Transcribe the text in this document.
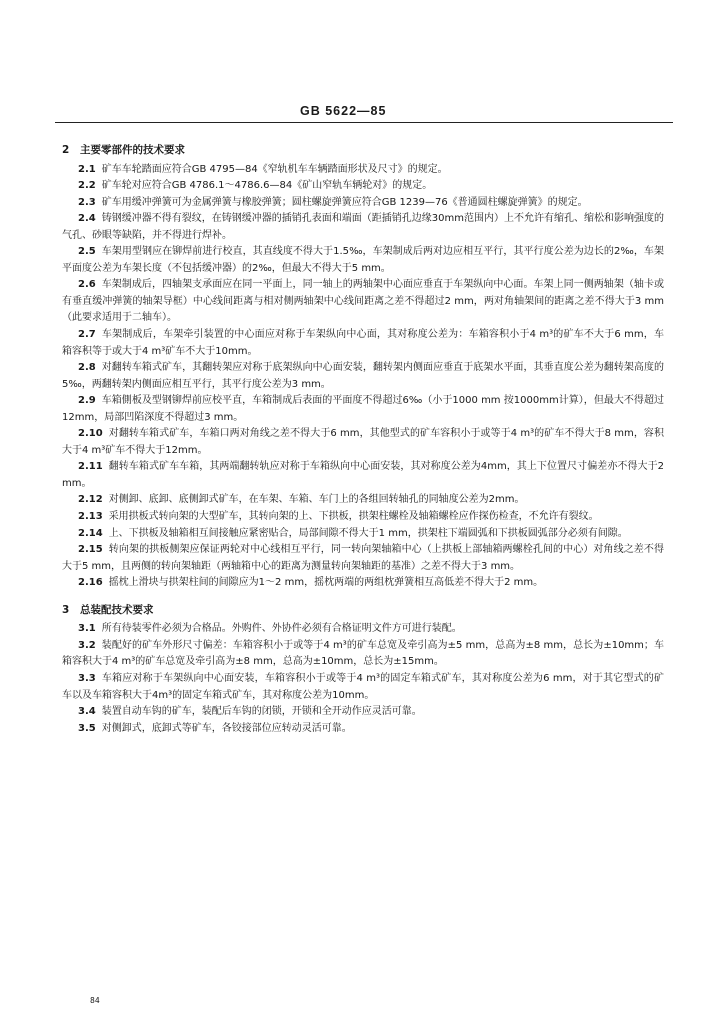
GB 5622—85
2 主要零部件的技术要求

2.1 矿车车轮踏面应符合GB 4795—84《窄轨机车车辆踏面形状及尺寸》的规定。

2.2 矿车轮对应符合GB 4786.1～4786.6—84《矿山窄轨车辆轮对》的规定。

2.3 矿车用缓冲弹簧可为金属弹簧与橡胶弹簧；圆柱螺旋弹簧应符合GB 1239—76《普通圆柱螺旋弹簧》的规定。

2.4 铸钢缓冲器不得有裂纹，在铸钢缓冲器的插销孔表面和端面（距插销孔边缘30mm范围内）上不允许有缩孔、缩松和影响强度的气孔、砂眼等缺陷，并不得进行焊补。

2.5 车架用型钢应在铆焊前进行校直，其直线度不得大于1.5‰，车架制成后两对边应相互平行，其平行度公差为边长的2‰，车架平面度公差为车架长度（不包括缓冲器）的2‰，但最大不得大于5 mm。

2.6 车架制成后，四轴架支承面应在同一平面上，同一轴上的两轴架中心面应垂直于车架纵向中心面。车架上同一侧两轴架（轴卡或有垂直缓冲弹簧的轴架导框）中心线间距离与相对侧两轴架中心线间距离之差不得超过2 mm，两对角轴架间的距离之差不得大于3 mm（此要求适用于二轴车）。

2.7 车架制成后，车架牵引装置的中心面应对称于车架纵向中心面，其对称度公差为：车箱容积小于4 m³的矿车不大于6 mm，车箱容积等于或大于4 m³矿车不大于10mm。

2.8 对翻转车箱式矿车，其翻转架应对称于底架纵向中心面安装，翻转架内侧面应垂直于底架水平面，其垂直度公差为翻转架高度的5‰，两翻转架内侧面应相互平行，其平行度公差为3 mm。

2.9 车箱側板及型钢铆焊前应校平直，车箱制成后表面的平面度不得超过6‰（小于1000 mm 按1000mm计算），但最大不得超过12mm，局部凹陷深度不得超过3 mm。

2.10 对翻转车箱式矿车，车箱口两对角线之差不得大于6 mm，其他型式的矿车容积小于或等于4 m³的矿车不得大于8 mm，容积大于4 m³矿车不得大于12mm。

2.11 翻转车箱式矿车车箱，其两端翻转轨应对称于车箱纵向中心面安装，其对称度公差为4mm，其上下位置尺寸偏差亦不得大于2 mm。

2.12 对侧卸、底卸、底侧卸式矿车，在车架、车箱、车门上的各组回转轴孔的同轴度公差为2mm。

2.13 采用拱板式转向架的大型矿车，其转向架的上、下拱板，拱架柱螺栓及轴箱螺栓应作探伤检查，不允许有裂纹。

2.14 上、下拱板及轴箱相互间接触应紧密贴合，局部间隙不得大于1 mm，拱架柱下端圆弧和下拱板圆弧部分必须有间隙。

2.15 转向架的拱板侧架应保证两轮对中心线相互平行，同一转向架轴箱中心（上拱板上部轴箱两螺栓孔间的中心）对角线之差不得大于5 mm，且两侧的转向架轴距（两轴箱中心的距离为测量转向架轴距的基准）之差不得大于3 mm。

2.16 摇枕上滑块与拱架柱间的间隙应为1～2 mm，摇枕两端的两组枕弹簧相互高低差不得大于2 mm。

3 总装配技术要求

3.1 所有待装零件必须为合格品。外购件、外协件必须有合格证明文件方可进行装配。

3.2 装配好的矿车外形尺寸偏差：车箱容积小于或等于4 m³的矿车总宽及牵引高为±5 mm，总高为±8 mm，总长为±10mm；车箱容积大于4 m³的矿车总宽及牵引高为±8 mm，总高为±10mm，总长为±15mm。

3.3 车箱应对称于车架纵向中心面安装，车箱容积小于或等于4 m³的固定车箱式矿车，其对称度公差为6 mm，对于其它型式的矿车以及车箱容积大于4m³的固定车箱式矿车，其对称度公差为10mm。

3.4 装置自动车钩的矿车，装配后车钩的闭锁，开锁和全开动作应灵活可靠。

3.5 对侧卸式，底卸式等矿车，各铰接部位应转动灵活可靠。

84
